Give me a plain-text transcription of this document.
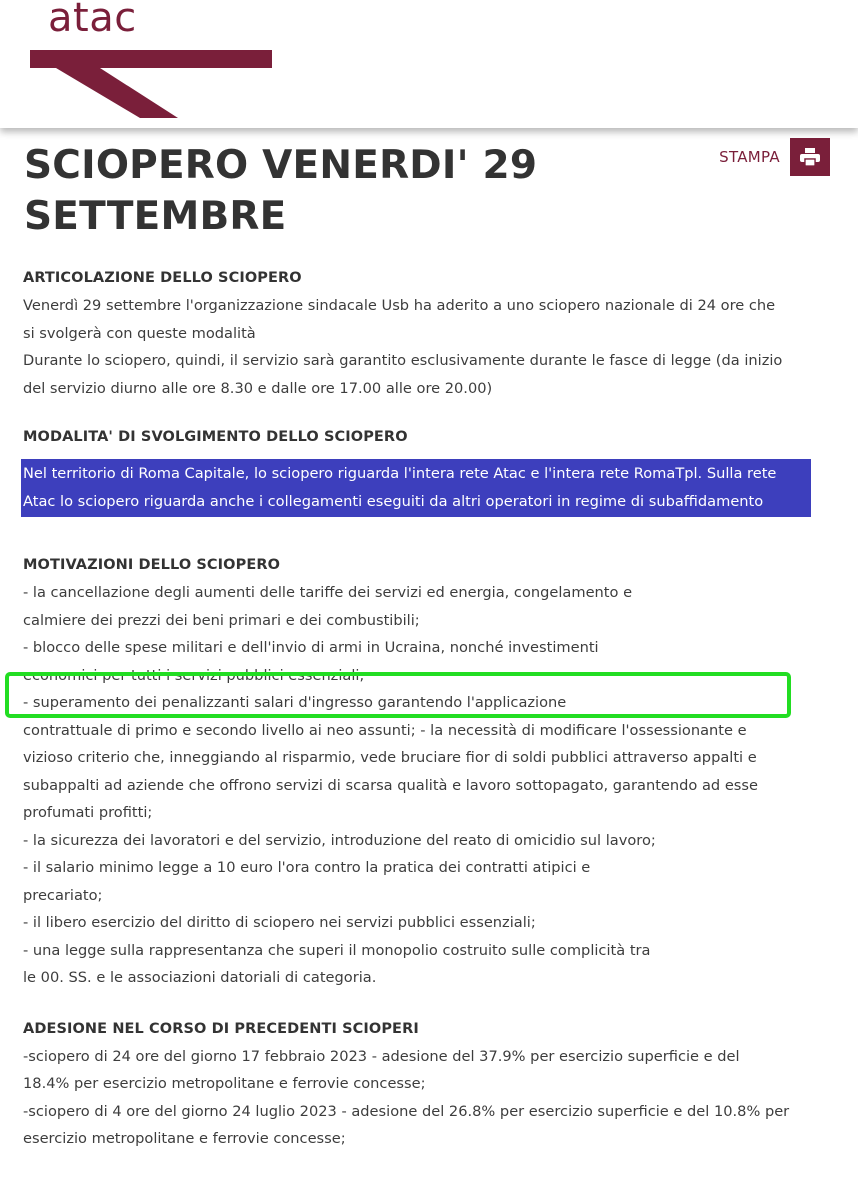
atac
STAMPA
SCIOPERO VENERDI' 29
SETTEMBRE
ARTICOLAZIONE DELLO SCIOPERO

Venerdì 29 settembre l'organizzazione sindacale Usb ha aderito a uno sciopero nazionale di 24 ore che

si svolgerà con queste modalità

Durante lo sciopero, quindi, il servizio sarà garantito esclusivamente durante le fasce di legge (da inizio

del servizio diurno alle ore 8.30 e dalle ore 17.00 alle ore 20.00)

MODALITA' DI SVOLGIMENTO DELLO SCIOPERO
Nel territorio di Roma Capitale, lo sciopero riguarda l'intera rete Atac e l'intera rete RomaTpl. Sulla rete
Atac lo sciopero riguarda anche i collegamenti eseguiti da altri operatori in regime di subaffidamento
MOTIVAZIONI DELLO SCIOPERO

- la cancellazione degli aumenti delle tariffe dei servizi ed energia, congelamento e

calmiere dei prezzi dei beni primari e dei combustibili;

- blocco delle spese militari e dell'invio di armi in Ucraina, nonché investimenti

economici per tutti i servizi pubblici essenziali;

- superamento dei penalizzanti salari d'ingresso garantendo l'applicazione

contrattuale di primo e secondo livello ai neo assunti; - la necessità di modificare l'ossessionante e

vizioso criterio che, inneggiando al risparmio, vede bruciare fior di soldi pubblici attraverso appalti e

subappalti ad aziende che offrono servizi di scarsa qualità e lavoro sottopagato, garantendo ad esse

profumati profitti;

- la sicurezza dei lavoratori e del servizio, introduzione del reato di omicidio sul lavoro;

- il salario minimo legge a 10 euro l'ora contro la pratica dei contratti atipici e

precariato;

- il libero esercizio del diritto di sciopero nei servizi pubblici essenziali;

- una legge sulla rappresentanza che superi il monopolio costruito sulle complicità tra

le 00. SS. e le associazioni datoriali di categoria.

ADESIONE NEL CORSO DI PRECEDENTI SCIOPERI

-sciopero di 24 ore del giorno 17 febbraio 2023 - adesione del 37.9% per esercizio superficie e del

18.4% per esercizio metropolitane e ferrovie concesse;

-sciopero di 4 ore del giorno 24 luglio 2023 - adesione del 26.8% per esercizio superficie e del 10.8% per

esercizio metropolitane e ferrovie concesse;
